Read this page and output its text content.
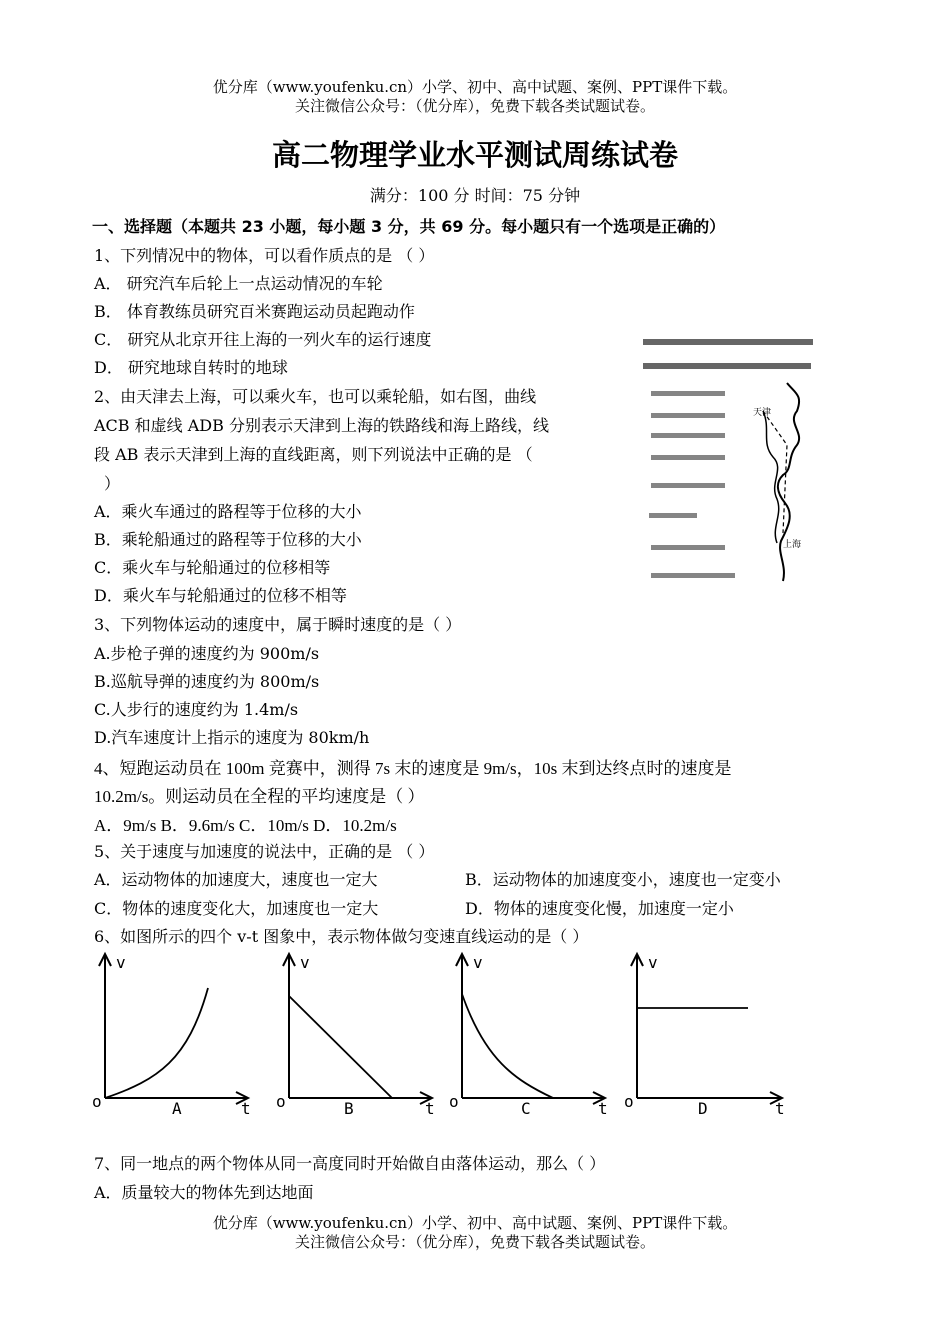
优分库（www.youfenku.cn）小学、初中、高中试题、案例、PPT课件下载。
关注微信公众号：（优分库），免费下载各类试题试卷。
高二物理学业水平测试周练试卷
满分：100 分 时间：75 分钟
一、选择题（本题共 23 小题，每小题 3 分，共 69 分。每小题只有一个选项是正确的）
1、下列情况中的物体，可以看作质点的是 （ ）
A． 研究汽车后轮上一点运动情况的车轮
B． 体育教练员研究百米赛跑运动员起跑动作
C． 研究从北京开往上海的一列火车的运行速度
D． 研究地球自转时的地球
2、由天津去上海，可以乘火车，也可以乘轮船，如右图，曲线
ACB 和虚线 ADB 分别表示天津到上海的铁路线和海上路线，线
段 AB 表示天津到上海的直线距离，则下列说法中正确的是 （
）
A．乘火车通过的路程等于位移的大小
B．乘轮船通过的路程等于位移的大小
C．乘火车与轮船通过的位移相等
D．乘火车与轮船通过的位移不相等
天津
上海
3、下列物体运动的速度中，属于瞬时速度的是（ ）
A.步枪子弹的速度约为 900m/s
B.巡航导弹的速度约为 800m/s
C.人步行的速度约为 1.4m/s
D.汽车速度计上指示的速度为 80km/h
4、短跑运动员在 100m 竞赛中，测得 7s 末的速度是 9m/s，10s 末到达终点时的速度是
10.2m/s。则运动员在全程的平均速度是（ ）
A．9m/s B．9.6m/s C．10m/s D．10.2m/s
5、关于速度与加速度的说法中，正确的是 （ ）
A．运动物体的加速度大，速度也一定大	B．运动物体的加速度变小，速度也一定变小
C．物体的速度变化大，加速度也一定大	D．物体的速度变化慢，加速度一定小
6、如图所示的四个 v-t 图象中，表示物体做匀变速直线运动的是（ ）
v
o	t
A
v
o	t
B
v
o	t
C
v
o	t
D
7、同一地点的两个物体从同一高度同时开始做自由落体运动，那么（ ）
A．质量较大的物体先到达地面
优分库（www.youfenku.cn）小学、初中、高中试题、案例、PPT课件下载。
关注微信公众号：（优分库），免费下载各类试题试卷。
